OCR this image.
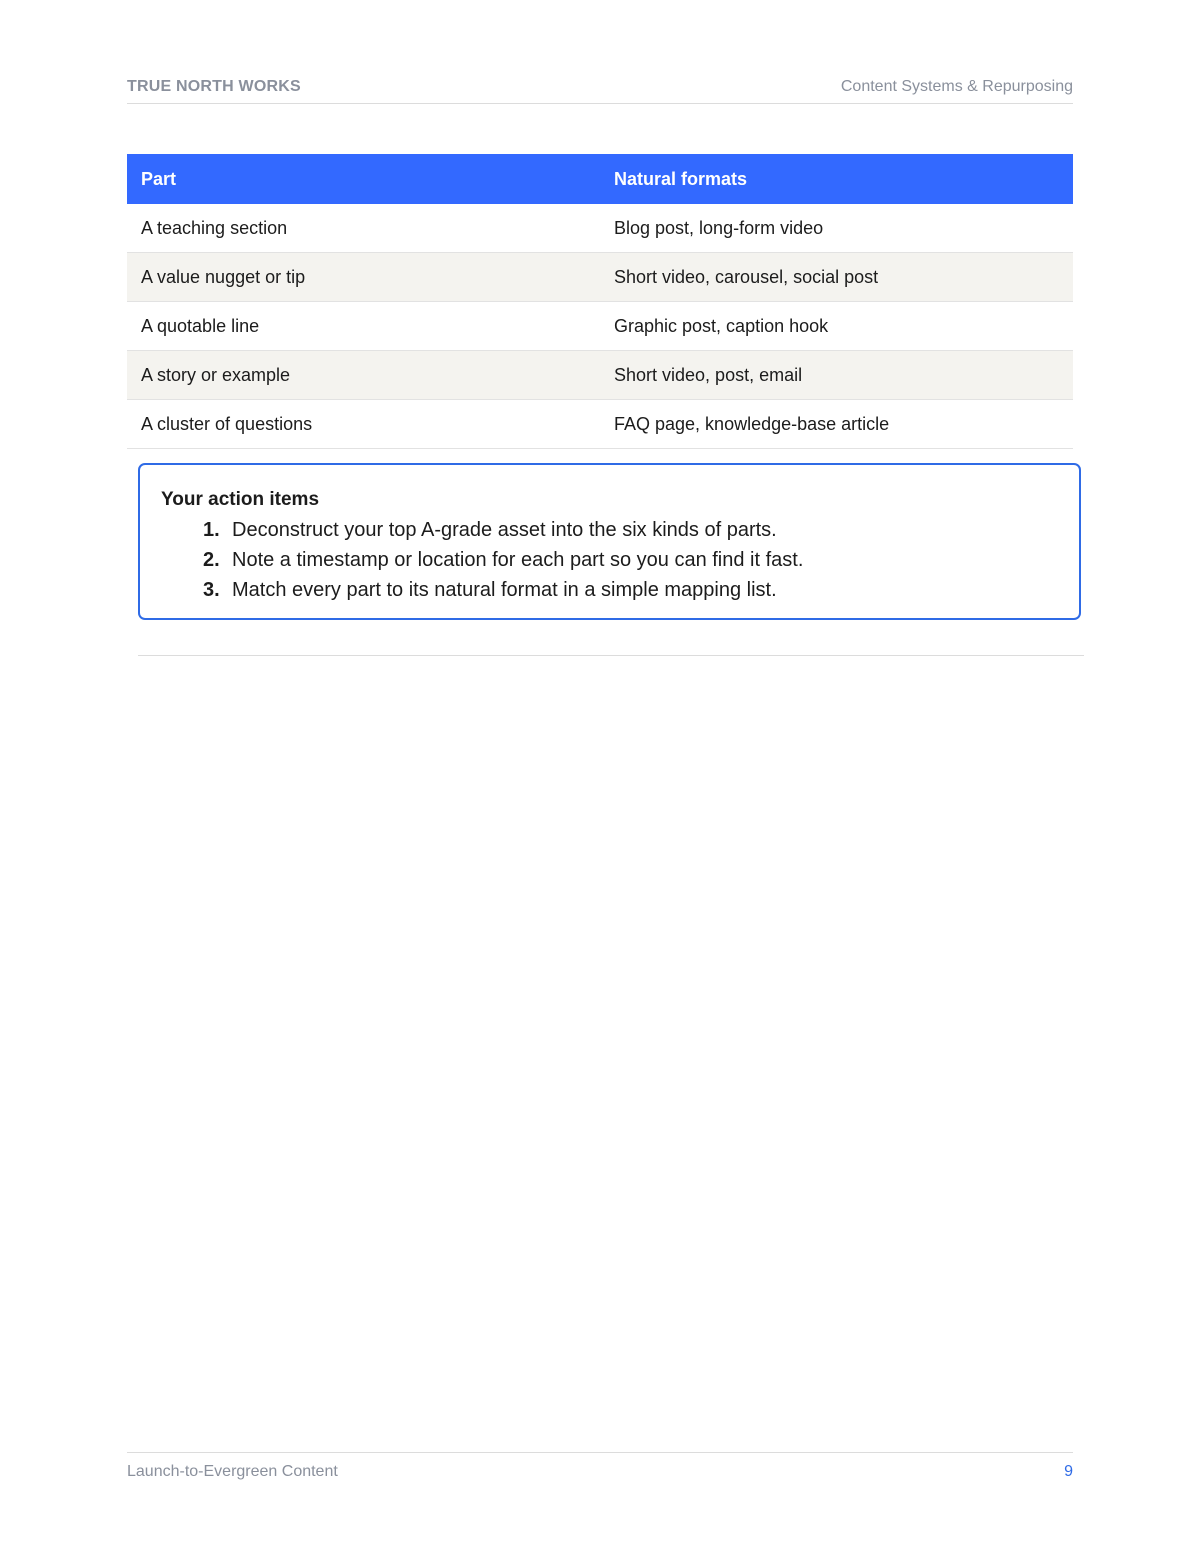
TRUE NORTH WORKS	Content Systems & Repurposing
Part	Natural formats
A teaching section	Blog post, long-form video
A value nugget or tip	Short video, carousel, social post
A quotable line	Graphic post, caption hook
A story or example	Short video, post, email
A cluster of questions	FAQ page, knowledge-base article
Your action items
1. Deconstruct your top A-grade asset into the six kinds of parts.
2. Note a timestamp or location for each part so you can find it fast.
3. Match every part to its natural format in a simple mapping list.
Launch-to-Evergreen Content	9
